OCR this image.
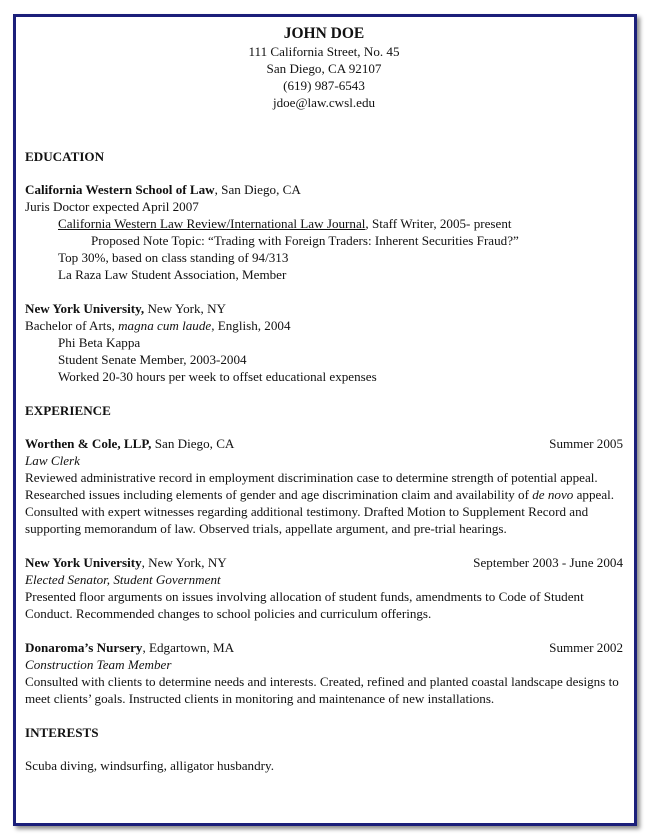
JOHN DOE
111 California Street, No. 45
San Diego, CA 92107
(619) 987-6543
jdoe@law.cwsl.edu
EDUCATION
California Western School of Law, San Diego, CA
Juris Doctor expected April 2007
California Western Law Review/International Law Journal, Staff Writer, 2005- present
Proposed Note Topic: “Trading with Foreign Traders: Inherent Securities Fraud?”
Top 30%, based on class standing of 94/313
La Raza Law Student Association, Member
New York University, New York, NY
Bachelor of Arts, magna cum laude, English, 2004
Phi Beta Kappa
Student Senate Member, 2003-2004
Worked 20-30 hours per week to offset educational expenses
EXPERIENCE
Worthen & Cole, LLP, San Diego, CA	Summer 2005
Law Clerk
Reviewed administrative record in employment discrimination case to determine strength of potential appeal. Researched issues including elements of gender and age discrimination claim and availability of de novo appeal. Consulted with expert witnesses regarding additional testimony. Drafted Motion to Supplement Record and supporting memorandum of law. Observed trials, appellate argument, and pre-trial hearings.
New York University, New York, NY	September 2003 - June 2004
Elected Senator, Student Government
Presented floor arguments on issues involving allocation of student funds, amendments to Code of Student Conduct. Recommended changes to school policies and curriculum offerings.
Donaroma’s Nursery, Edgartown, MA	Summer 2002
Construction Team Member
Consulted with clients to determine needs and interests. Created, refined and planted coastal landscape designs to meet clients’ goals. Instructed clients in monitoring and maintenance of new installations.
INTERESTS
Scuba diving, windsurfing, alligator husbandry.
